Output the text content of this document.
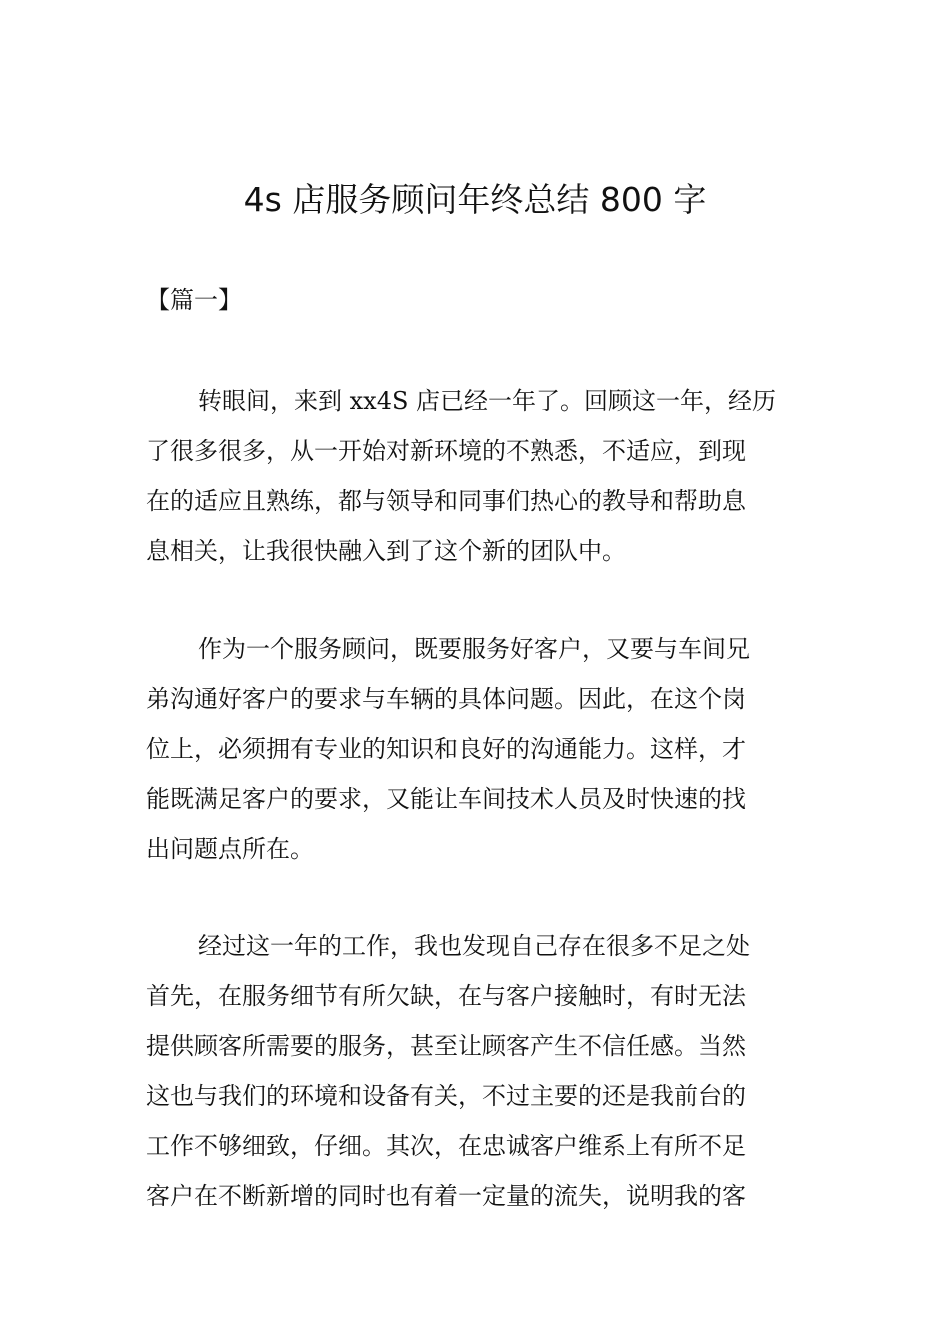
4s 店服务顾问年终总结 800 字
【篇一】
转眼间，来到 xx4S 店已经一年了。回顾这一年，经历
了很多很多，从一开始对新环境的不熟悉，不适应，到现
在的适应且熟练，都与领导和同事们热心的教导和帮助息
息相关，让我很快融入到了这个新的团队中。
作为一个服务顾问，既要服务好客户，又要与车间兄
弟沟通好客户的要求与车辆的具体问题。因此，在这个岗
位上，必须拥有专业的知识和良好的沟通能力。这样，才
能既满足客户的要求，又能让车间技术人员及时快速的找
出问题点所在。
经过这一年的工作，我也发现自己存在很多不足之处
首先，在服务细节有所欠缺，在与客户接触时，有时无法
提供顾客所需要的服务，甚至让顾客产生不信任感。当然
这也与我们的环境和设备有关，不过主要的还是我前台的
工作不够细致，仔细。其次，在忠诚客户维系上有所不足
客户在不断新增的同时也有着一定量的流失，说明我的客
